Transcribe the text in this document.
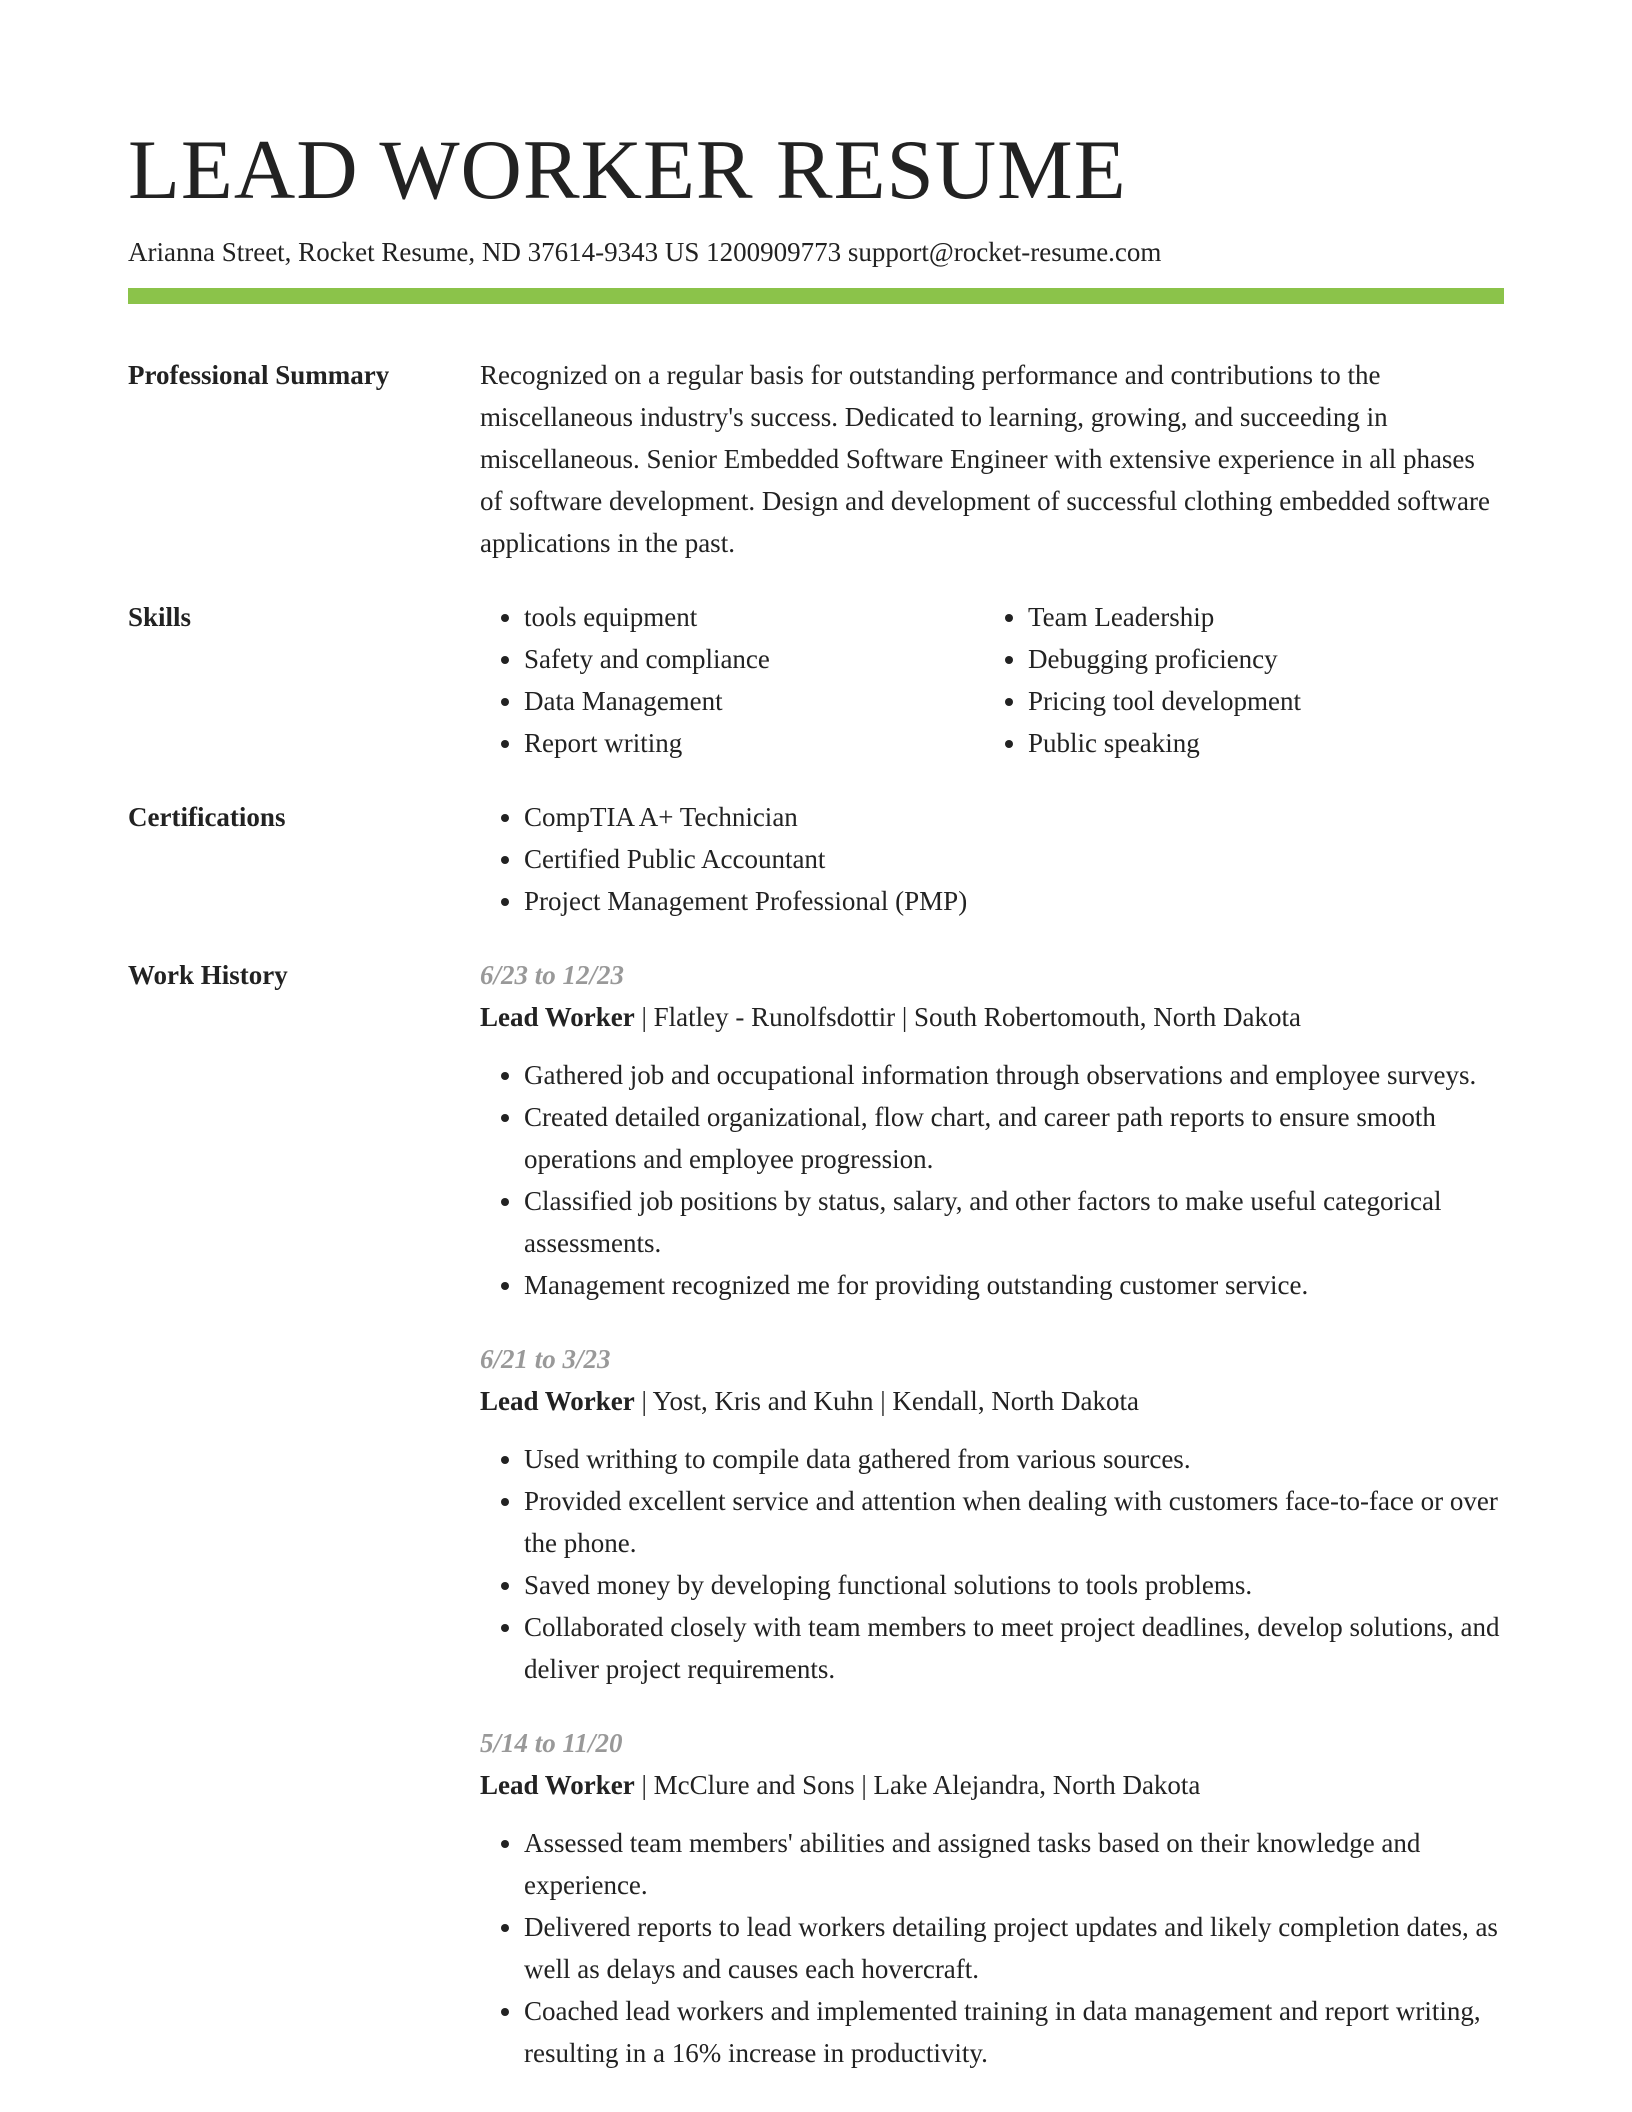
LEAD WORKER RESUME
Arianna Street, Rocket Resume, ND 37614-9343 US 1200909773 support@rocket-resume.com
Professional Summary	Recognized on a regular basis for outstanding performance and contributions to the miscellaneous industry's success. Dedicated to learning, growing, and succeeding in miscellaneous. Senior Embedded Software Engineer with extensive experience in all phases of software development. Design and development of successful clothing embedded software applications in the past.

Skills	• tools equipment
• Safety and compliance
• Data Management
• Report writing
• Team Leadership
• Debugging proficiency
• Pricing tool development
• Public speaking
Certifications	• CompTIA A+ Technician
• Certified Public Accountant
• Project Management Professional (PMP)
Work History	6/23 to 12/23
Lead Worker | Flatley - Runolfsdottir | South Robertomouth, North Dakota
• Gathered job and occupational information through observations and employee surveys.
• Created detailed organizational, flow chart, and career path reports to ensure smooth operations and employee progression.
• Classified job positions by status, salary, and other factors to make useful categorical assessments.
• Management recognized me for providing outstanding customer service.
6/21 to 3/23
Lead Worker | Yost, Kris and Kuhn | Kendall, North Dakota
• Used writhing to compile data gathered from various sources.
• Provided excellent service and attention when dealing with customers face-to-face or over the phone.
• Saved money by developing functional solutions to tools problems.
• Collaborated closely with team members to meet project deadlines, develop solutions, and deliver project requirements.
5/14 to 11/20
Lead Worker | McClure and Sons | Lake Alejandra, North Dakota
• Assessed team members' abilities and assigned tasks based on their knowledge and experience.
• Delivered reports to lead workers detailing project updates and likely completion dates, as well as delays and causes each hovercraft.
• Coached lead workers and implemented training in data management and report writing, resulting in a 16% increase in productivity.
